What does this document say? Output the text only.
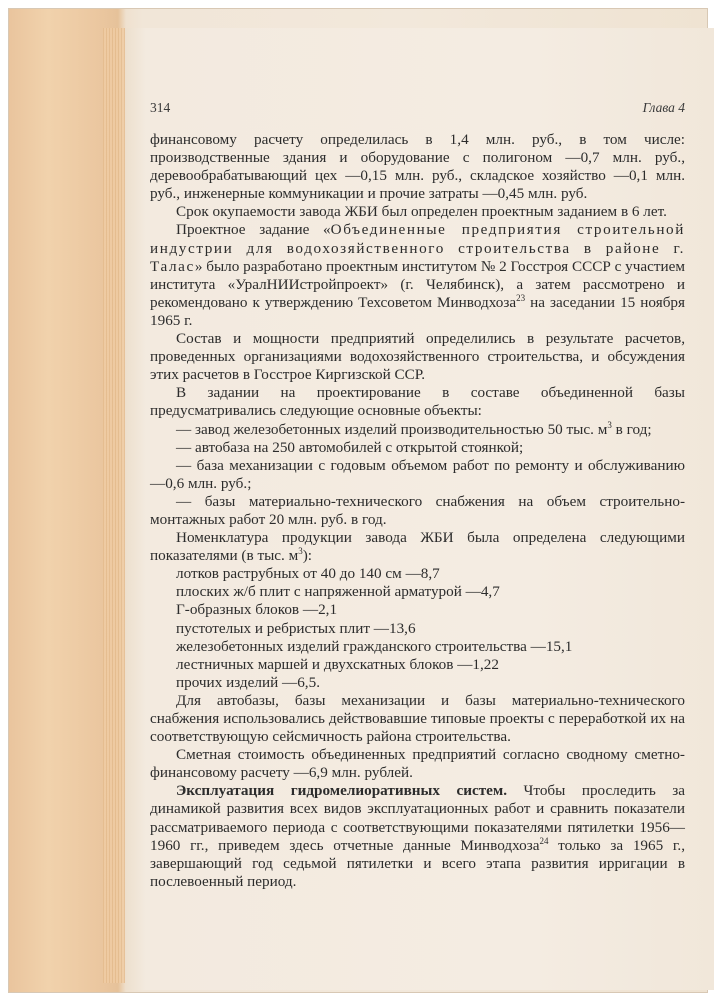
314	Глава 4

финансовому расчету определилась в 1,4 млн. руб., в том числе: производственные здания и оборудование с полигоном —0,7 млн. руб., деревообрабатывающий цех —0,15 млн. руб., складское хозяйство —0,1 млн. руб., инженерные коммуникации и прочие затраты —0,45 млн. руб.

Срок окупаемости завода ЖБИ был определен проектным заданием в 6 лет.

Проектное задание «Объединенные предприятия строительной индустрии для водохозяйственного строительства в районе г. Талас» было разработано проектным институтом № 2 Госстроя СССР с участием института «УралНИИстройпроект» (г. Челябинск), а затем рассмотрено и рекомендовано к утверждению Техсоветом Минводхоза$^{23}$ на заседании 15 ноября 1965 г.

Состав и мощности предприятий определились в результате расчетов, проведенных организациями водохозяйственного строительства, и обсуждения этих расчетов в Госстрое Киргизской ССР.

В задании на проектирование в составе объединенной базы предусматривались следующие основные объекты:

— завод железобетонных изделий производительностью 50 тыс. $м^3$ в год;

— автобаза на 250 автомобилей с открытой стоянкой;

— база механизации с годовым объемом работ по ремонту и обслуживанию —0,6 млн. руб.;

— базы материально-технического снабжения на объем строительно-монтажных работ 20 млн. руб. в год.

Номенклатура продукции завода ЖБИ была определена следующими показателями (в тыс. $м^3$):

лотков раструбных от 40 до 140 см —8,7

плоских ж/б плит с напряженной арматурой —4,7

Г-образных блоков —2,1

пустотелых и ребристых плит —13,6

железобетонных изделий гражданского строительства —15,1

лестничных маршей и двухскатных блоков —1,22

прочих изделий —6,5.

Для автобазы, базы механизации и базы материально-технического снабжения использовались действовавшие типовые проекты с переработкой их на соответствующую сейсмичность района строительства.

Сметная стоимость объединенных предприятий согласно сводному сметно-финансовому расчету —6,9 млн. рублей.

Эксплуатация гидромелиоративных систем. Чтобы проследить за динамикой развития всех видов эксплуатационных работ и сравнить показатели рассматриваемого периода с соответствующими показателями пятилетки 1956—1960 гг., приведем здесь отчетные данные Минводхоза$^{24}$ только за 1965 г., завершающий год седьмой пятилетки и всего этапа развития ирригации в послевоенный период.
